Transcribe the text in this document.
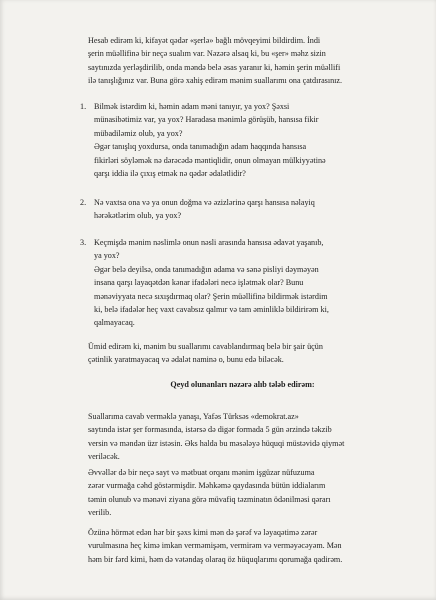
Hesab edirəm ki, kifayət qədər «şerlə» bağlı mövqeyimi bildirdim. İndi
şerin müəllifinə bir neçə sualım var. Nəzərə alsaq ki, bu «şer» məhz sizin
saytınızda yerləşdirilib, onda məndə belə əsas yaranır ki, həmin şerin müəllifi
ilə tanışlığınız var. Buna görə xahiş edirəm mənim suallarımı ona çatdırasınız.

1. Bilmək istərdim ki, həmin adam məni tanıyır, ya yox? Şəxsi
münasibətimiz var, ya yox? Haradasa mənimlə görüşüb, hansısa fikir
mübadiləmiz olub, ya yox?
Əgər tanışlıq yoxdursa, onda tanımadığın adam haqqında hansısa
fikirləri söyləmək nə dərəcədə məntiqlidir, onun olmayan mülkiyyətinə
qarşı iddia ilə çıxış etmək nə qədər ədalətlidir?
2. Nə vaxtsa ona və ya onun doğma və əzizlərinə qarşı hansısa nəlayiq
hərəkətlərim olub, ya yox?
3. Keçmişdə mənim nəslimlə onun nəsli arasında hansısa ədavət yaşanıb,
ya yox?
Əgər belə deyilsə, onda tanımadığın adama və sənə pisliyi dəyməyən
insana qarşı layaqətdən kənar ifadələri necə işlətmək olar? Bunu
mənəviyyata necə sıxışdırmaq olar? Şerin müəllifinə bildirmək istərdim
ki, belə ifadələr heç vaxt cavabsız qalmır və tam əminliklə bildirirəm ki,
qalmayacaq.

Ümid edirəm ki, mənim bu suallarımı cavablandırmaq belə bir şair üçün
çətinlik yaratmayacaq və ədalət naminə o, bunu edə biləcək.

Qeyd olunanları nəzərə alıb tələb edirəm:

Suallarıma cavab verməklə yanaşı, Yafəs Türksəs «demokrat.az»
saytında istər şer formasında, istərsə də digər formada 5 gün ərzində təkzib
versin və məndən üzr istəsin. Əks halda bu məsələyə hüquqi müstəvidə qiymət
veriləcək.

Əvvəllər də bir neçə sayt və mətbuat orqanı mənim işgüzar nüfuzuma
zərər vurmağa cəhd göstərmişdir. Məhkəmə qaydasında bütün iddialarım
təmin olunub və mənəvi ziyana görə müvafiq təzminatın ödənilməsi qərarı
verilib.

Özünə hörmət edən hər bir şəxs kimi mən də şərəf və ləyaqətimə zərər
vurulmasına heç kimə imkan verməmişəm, vermirəm və verməyəcəyəm. Mən
həm bir fərd kimi, həm də vətəndaş olaraq öz hüquqlarımı qorumağa qadirəm.
